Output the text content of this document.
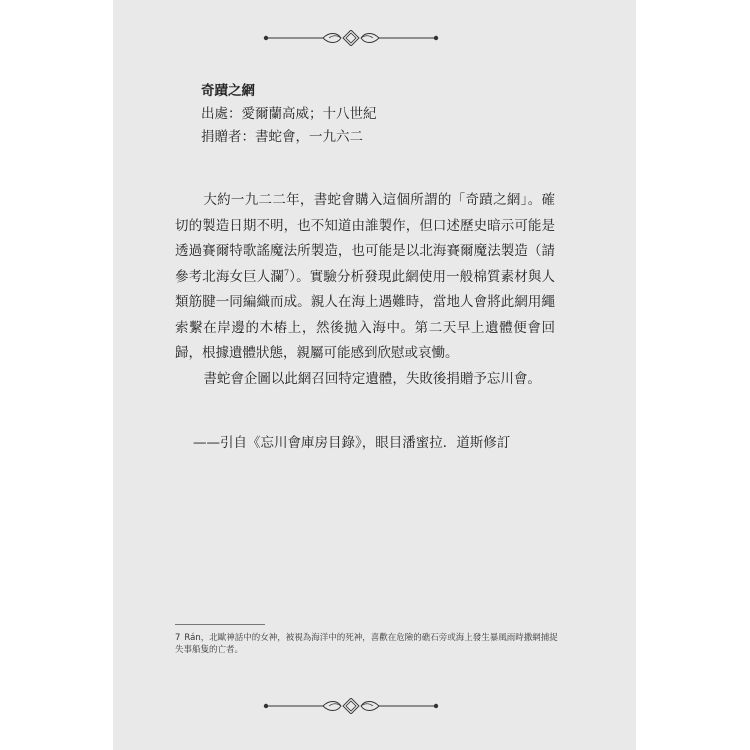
奇蹟之網
出處：愛爾蘭高威；十八世紀
捐贈者：書蛇會，一九六二

大約一九二二年，書蛇會購入這個所謂的「奇蹟之網」。確切的製造日期不明，也不知道由誰製作，但口述歷史暗示可能是透過賽爾特歌謠魔法所製造，也可能是以北海賽爾魔法製造（請參考北海女巨人瀾$^7$）。實驗分析發現此網使用一般棉質素材與人類筋腱一同編織而成。親人在海上遇難時，當地人會將此網用繩索繫在岸邊的木樁上，然後拋入海中。第二天早上遺體便會回歸，根據遺體狀態，親屬可能感到欣慰或哀慟。

書蛇會企圖以此網召回特定遺體，失敗後捐贈予忘川會。

——引自《忘川會庫房目錄》，眼目潘蜜拉．道斯修訂
7 Rán，北歐神話中的女神，被視為海洋中的死神，喜歡在危險的礁石旁或海上發生暴風雨時撒網捕捉失事船隻的亡者。
